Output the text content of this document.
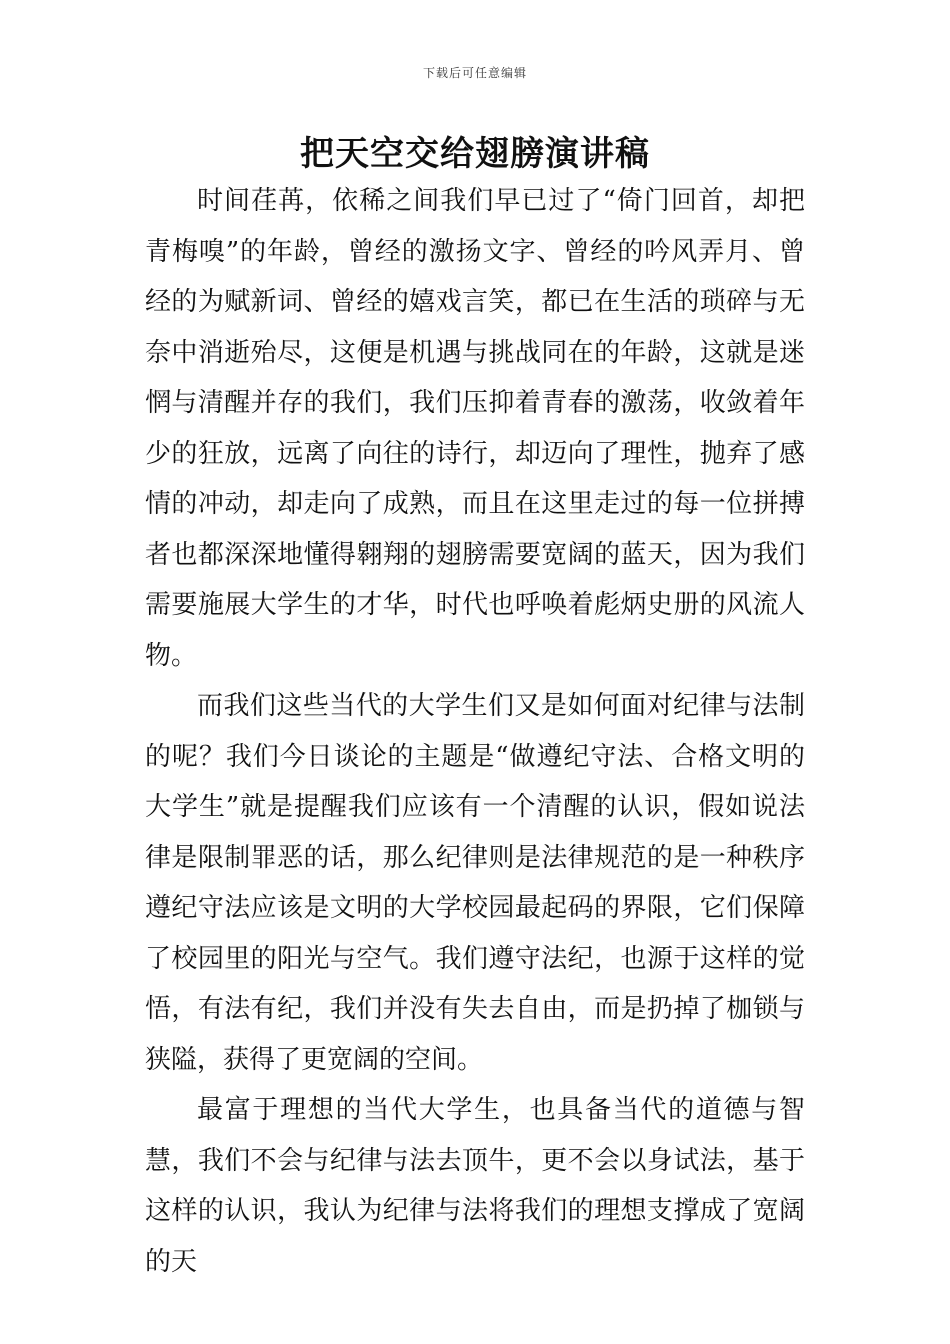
下载后可任意编辑
把天空交给翅膀演讲稿

时间荏苒，依稀之间我们早已过了“倚门回首，却把青梅嗅”的年龄，曾经的激扬文字、曾经的吟风弄月、曾经的为赋新词、曾经的嬉戏言笑，都已在生活的琐碎与无奈中消逝殆尽，这便是机遇与挑战同在的年龄，这就是迷惘与清醒并存的我们，我们压抑着青春的激荡，收敛着年少的狂放，远离了向往的诗行，却迈向了理性，抛弃了感情的冲动，却走向了成熟，而且在这里走过的每一位拼搏者也都深深地懂得翱翔的翅膀需要宽阔的蓝天，因为我们需要施展大学生的才华，时代也呼唤着彪炳史册的风流人物。

而我们这些当代的大学生们又是如何面对纪律与法制的呢？我们今日谈论的主题是“做遵纪守法、合格文明的大学生”就是提醒我们应该有一个清醒的认识，假如说法律是限制罪恶的话，那么纪律则是法律规范的是一种秩序遵纪守法应该是文明的大学校园最起码的界限，它们保障了校园里的阳光与空气。我们遵守法纪，也源于这样的觉悟，有法有纪，我们并没有失去自由，而是扔掉了枷锁与狭隘，获得了更宽阔的空间。

最富于理想的当代大学生，也具备当代的道德与智慧，我们不会与纪律与法去顶牛，更不会以身试法，基于这样的认识，我认为纪律与法将我们的理想支撑成了宽阔的天
